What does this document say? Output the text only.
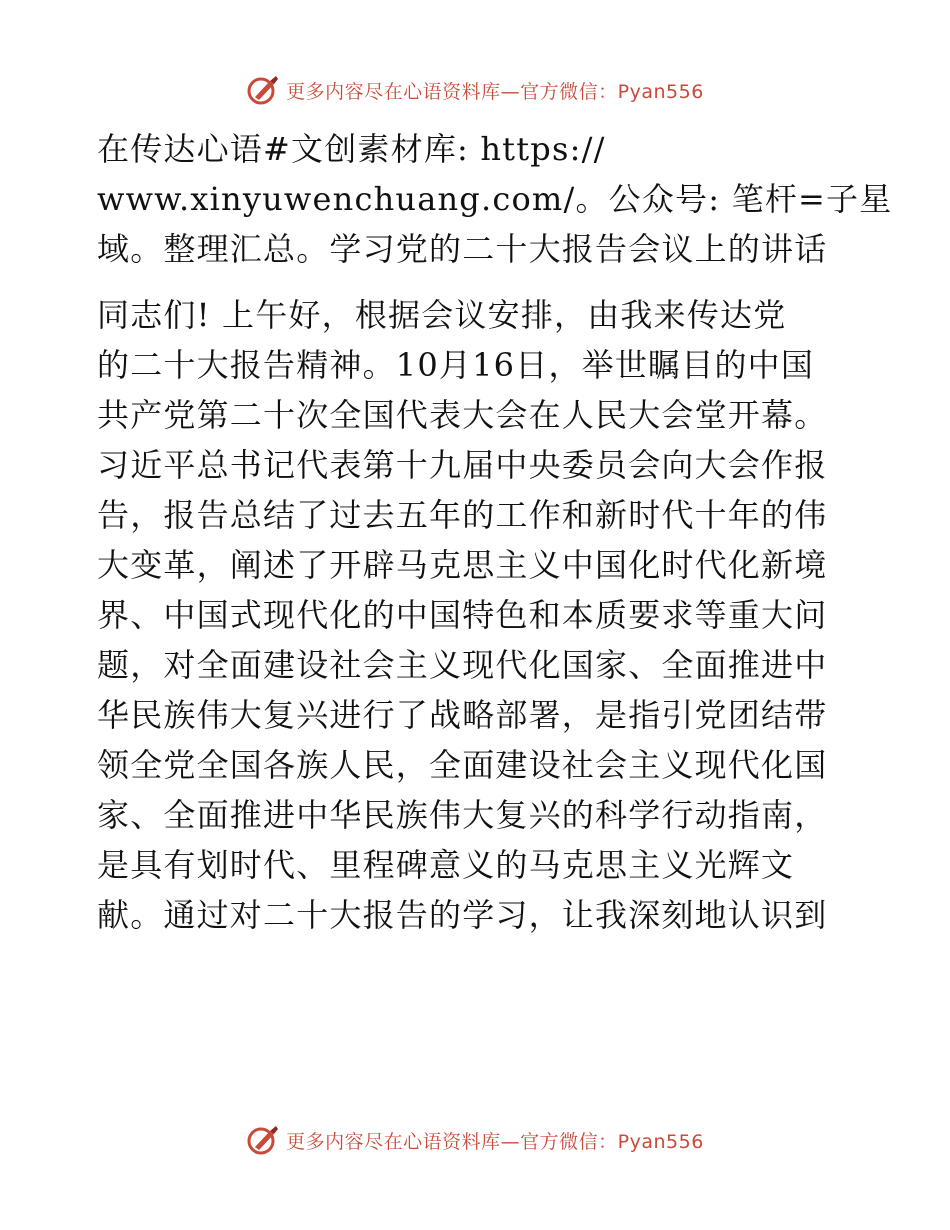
更多内容尽在心语资料库—官方微信：Pyan556
在传达心语#文创素材库: https://
www.xinyuwenchuang.com/。公众号: 笔杆=子星
域。整理汇总。学习党的二十大报告会议上的讲话
同志们! 上午好，根据会议安排，由我来传达党
的二十大报告精神。10月16日，举世瞩目的中国
共产党第二十次全国代表大会在人民大会堂开幕。
习近平总书记代表第十九届中央委员会向大会作报
告，报告总结了过去五年的工作和新时代十年的伟
大变革，阐述了开辟马克思主义中国化时代化新境
界、中国式现代化的中国特色和本质要求等重大问
题，对全面建设社会主义现代化国家、全面推进中
华民族伟大复兴进行了战略部署，是指引党团结带
领全党全国各族人民，全面建设社会主义现代化国
家、全面推进中华民族伟大复兴的科学行动指南，
是具有划时代、里程碑意义的马克思主义光辉文
献。通过对二十大报告的学习，让我深刻地认识到
更多内容尽在心语资料库—官方微信：Pyan556
